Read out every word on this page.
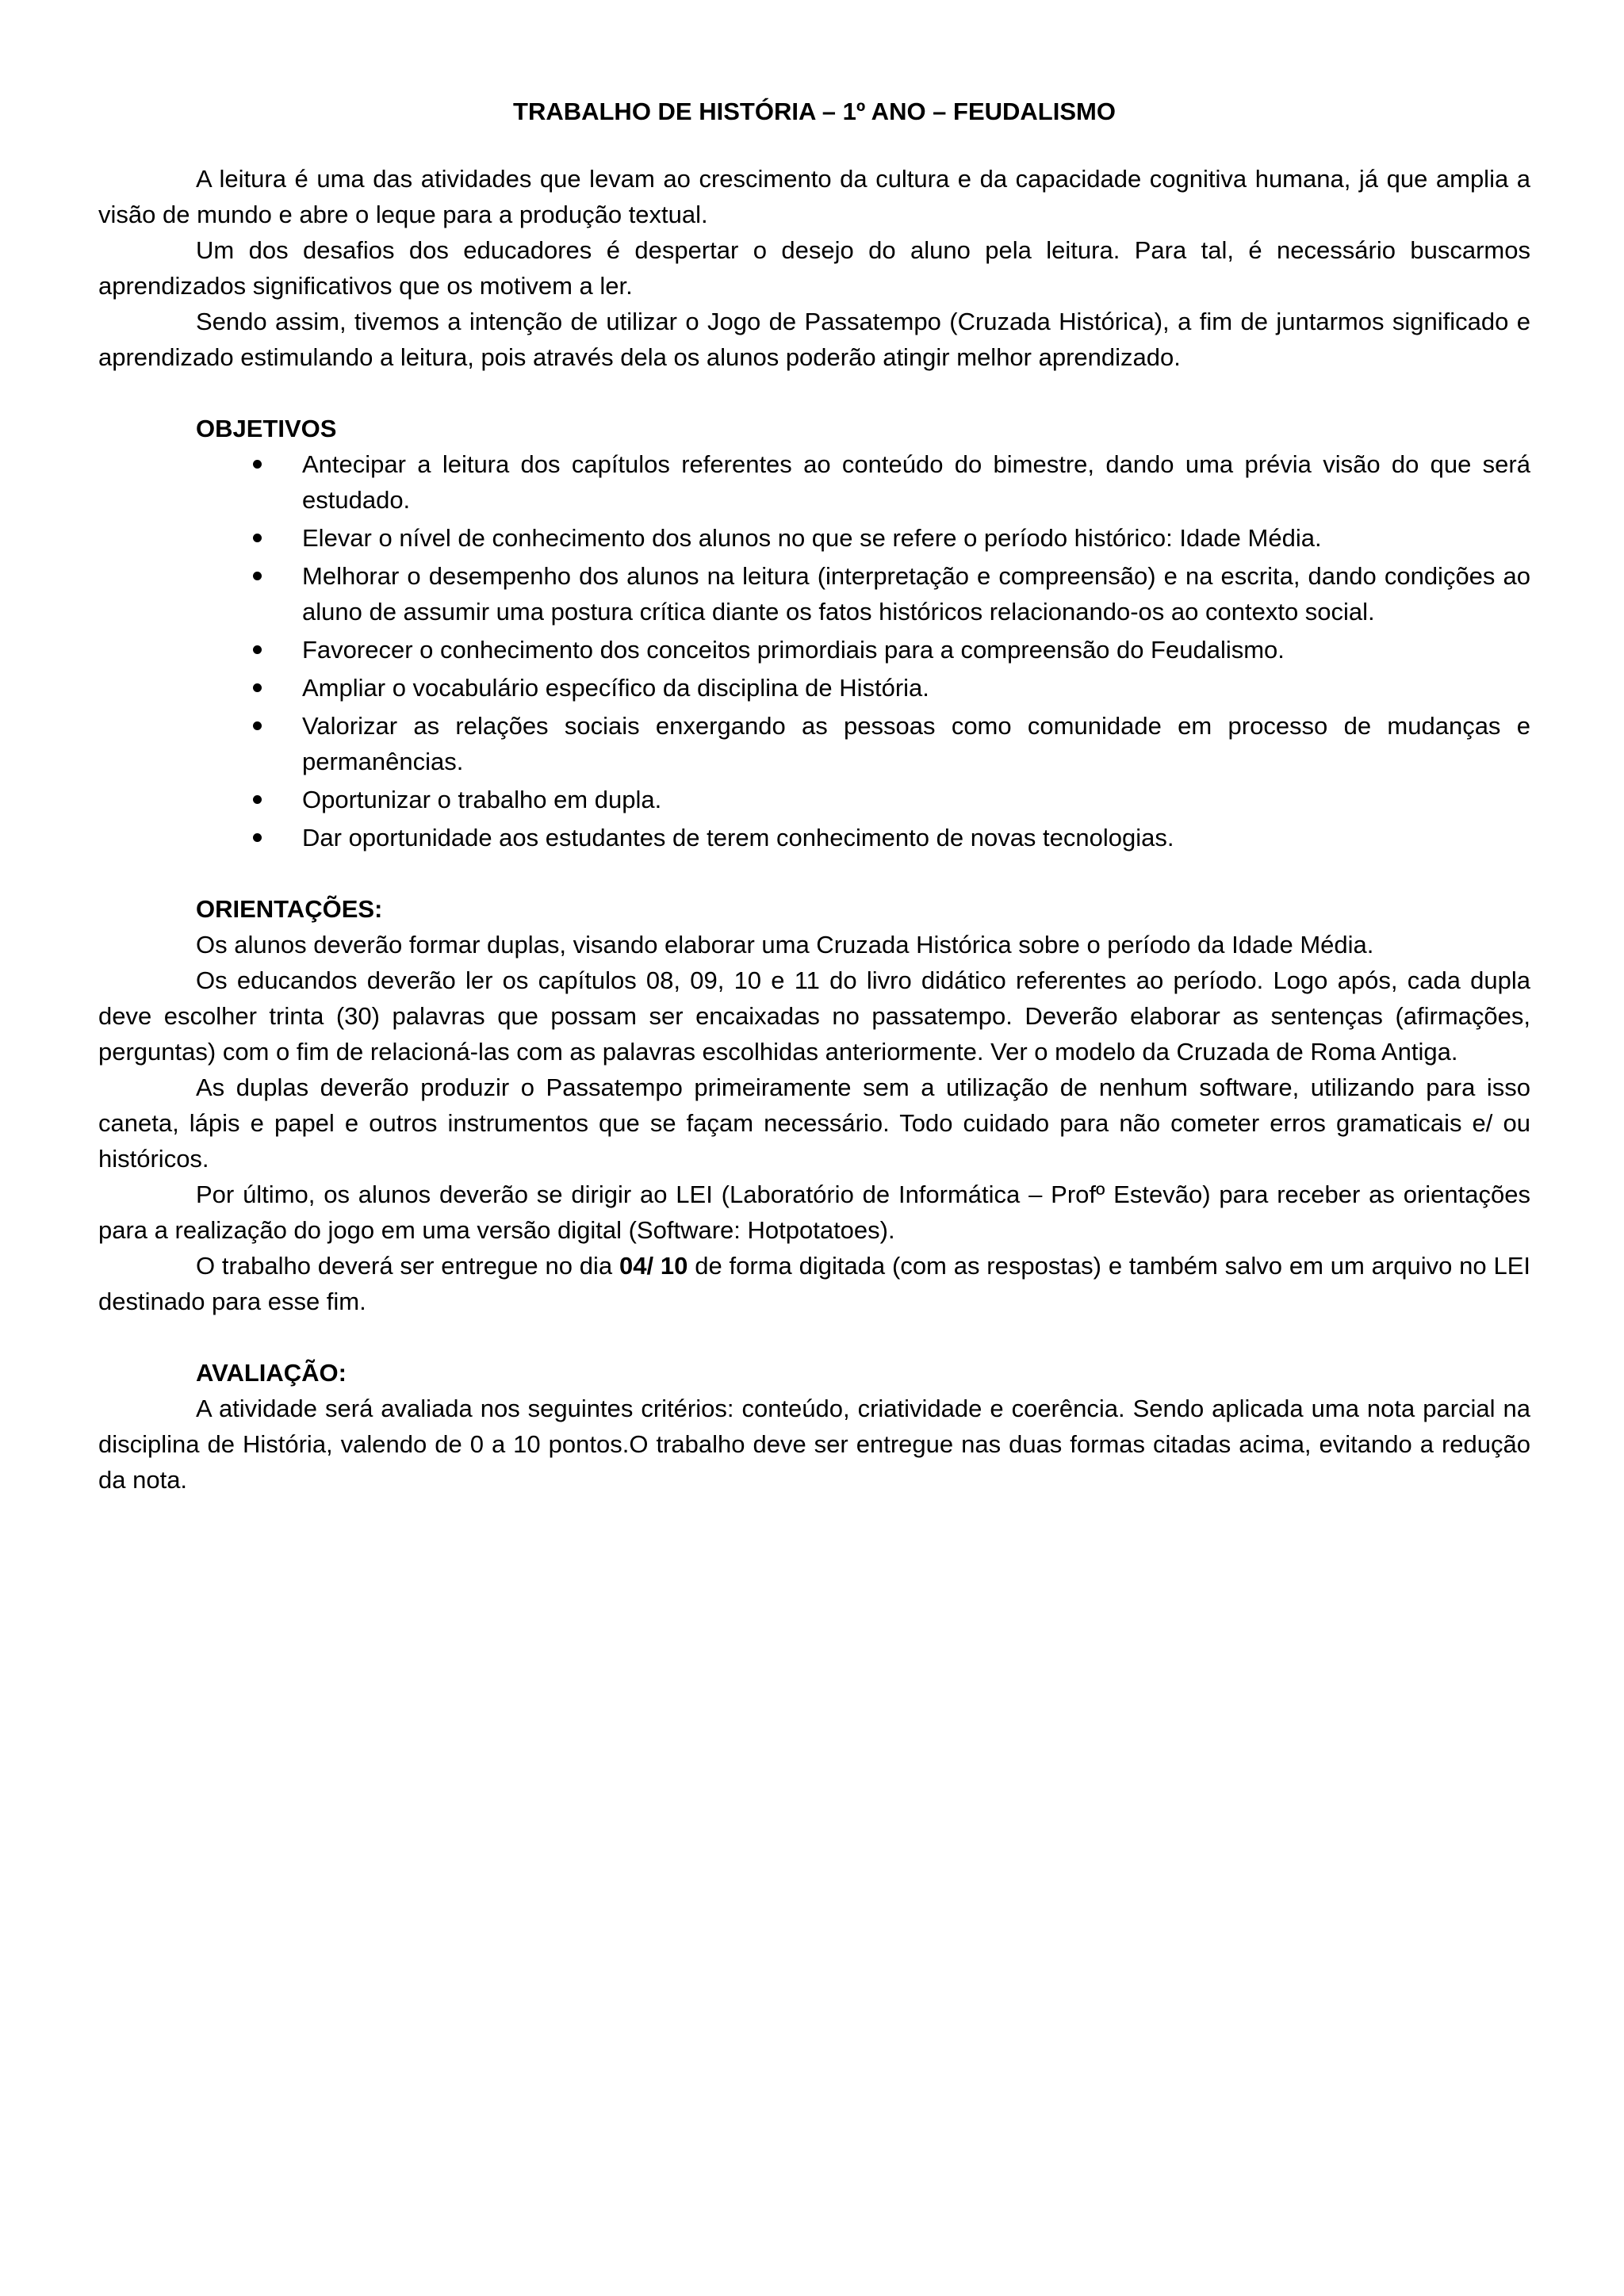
TRABALHO DE HISTÓRIA – 1º ANO – FEUDALISMO

A leitura é uma das atividades que levam ao crescimento da cultura e da capacidade cognitiva humana, já que amplia a visão de mundo e abre o leque para a produção textual.

Um dos desafios dos educadores é despertar o desejo do aluno pela leitura. Para tal, é necessário buscarmos aprendizados significativos que os motivem a ler.

Sendo assim, tivemos a intenção de utilizar o Jogo de Passatempo (Cruzada Histórica), a fim de juntarmos significado e aprendizado estimulando a leitura, pois através dela os alunos poderão atingir melhor aprendizado.

OBJETIVOS
Antecipar a leitura dos capítulos referentes ao conteúdo do bimestre, dando uma prévia visão do que será estudado.
Elevar o nível de conhecimento dos alunos no que se refere o período histórico: Idade Média.
Melhorar o desempenho dos alunos na leitura (interpretação e compreensão) e na escrita, dando condições ao aluno de assumir uma postura crítica diante os fatos históricos relacionando-os ao contexto social.
Favorecer o conhecimento dos conceitos primordiais para a compreensão do Feudalismo.
Ampliar o vocabulário específico da disciplina de História.
Valorizar as relações sociais enxergando as pessoas como comunidade em processo de mudanças e permanências.
Oportunizar o trabalho em dupla.
Dar oportunidade aos estudantes de terem conhecimento de novas tecnologias.
ORIENTAÇÕES:

Os alunos deverão formar duplas, visando elaborar uma Cruzada Histórica sobre o período da Idade Média.

Os educandos deverão ler os capítulos 08, 09, 10 e 11 do livro didático referentes ao período. Logo após, cada dupla deve escolher trinta (30) palavras que possam ser encaixadas no passatempo. Deverão elaborar as sentenças (afirmações, perguntas) com o fim de relacioná-las com as palavras escolhidas anteriormente. Ver o modelo da Cruzada de Roma Antiga.

As duplas deverão produzir o Passatempo primeiramente sem a utilização de nenhum software, utilizando para isso caneta, lápis e papel e outros instrumentos que se façam necessário. Todo cuidado para não cometer erros gramaticais e/ ou históricos.

Por último, os alunos deverão se dirigir ao LEI (Laboratório de Informática – Profº Estevão) para receber as orientações para a realização do jogo em uma versão digital (Software: Hotpotatoes).

O trabalho deverá ser entregue no dia 04/ 10 de forma digitada (com as respostas) e também salvo em um arquivo no LEI destinado para esse fim.

AVALIAÇÃO:

A atividade será avaliada nos seguintes critérios: conteúdo, criatividade e coerência. Sendo aplicada uma nota parcial na disciplina de História, valendo de 0 a 10 pontos.O trabalho deve ser entregue nas duas formas citadas acima, evitando a redução da nota.
